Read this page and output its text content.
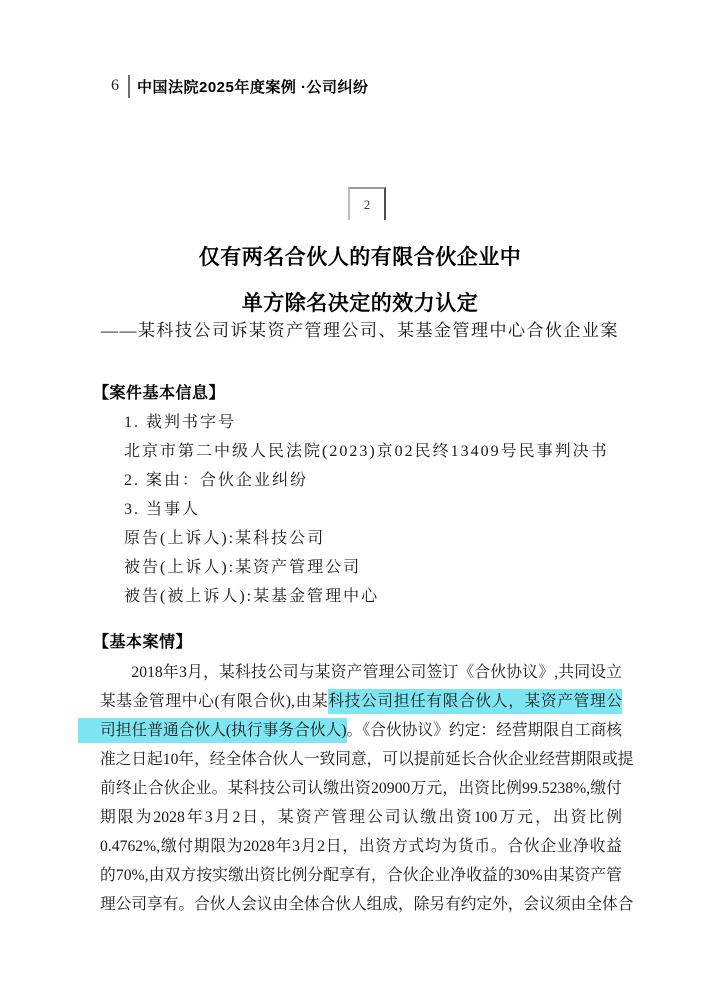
6	中国法院2025年度案例 ·公司纠纷
2
仅有两名合伙人的有限合伙企业中
单方除名决定的效力认定
——某科技公司诉某资产管理公司、某基金管理中心合伙企业案
【案件基本信息】
1. 裁判书字号
北京市第二中级人民法院(2023)京02民终13409号民事判决书
2. 案由：合伙企业纠纷
3. 当事人
原告(上诉人):某科技公司
被告(上诉人):某资产管理公司
被告(被上诉人):某基金管理中心
【基本案情】
2018年3月，某科技公司与某资产管理公司签订《合伙协议》,共同设立
某基金管理中心(有限合伙),由某科技公司担任有限合伙人，某资产管理公
司担任普通合伙人(执行事务合伙人)。《合伙协议》约定：经营期限自工商核
准之日起10年，经全体合伙人一致同意，可以提前延长合伙企业经营期限或提
前终止合伙企业。某科技公司认缴出资20900万元，出资比例99.5238%,缴付
期限为2028年3月2日，某资产管理公司认缴出资100万元，出资比例
0.4762%,缴付期限为2028年3月2日，出资方式均为货币。合伙企业净收益
的70%,由双方按实缴出资比例分配享有，合伙企业净收益的30%由某资产管
理公司享有。合伙人会议由全体合伙人组成，除另有约定外，会议须由全体合
